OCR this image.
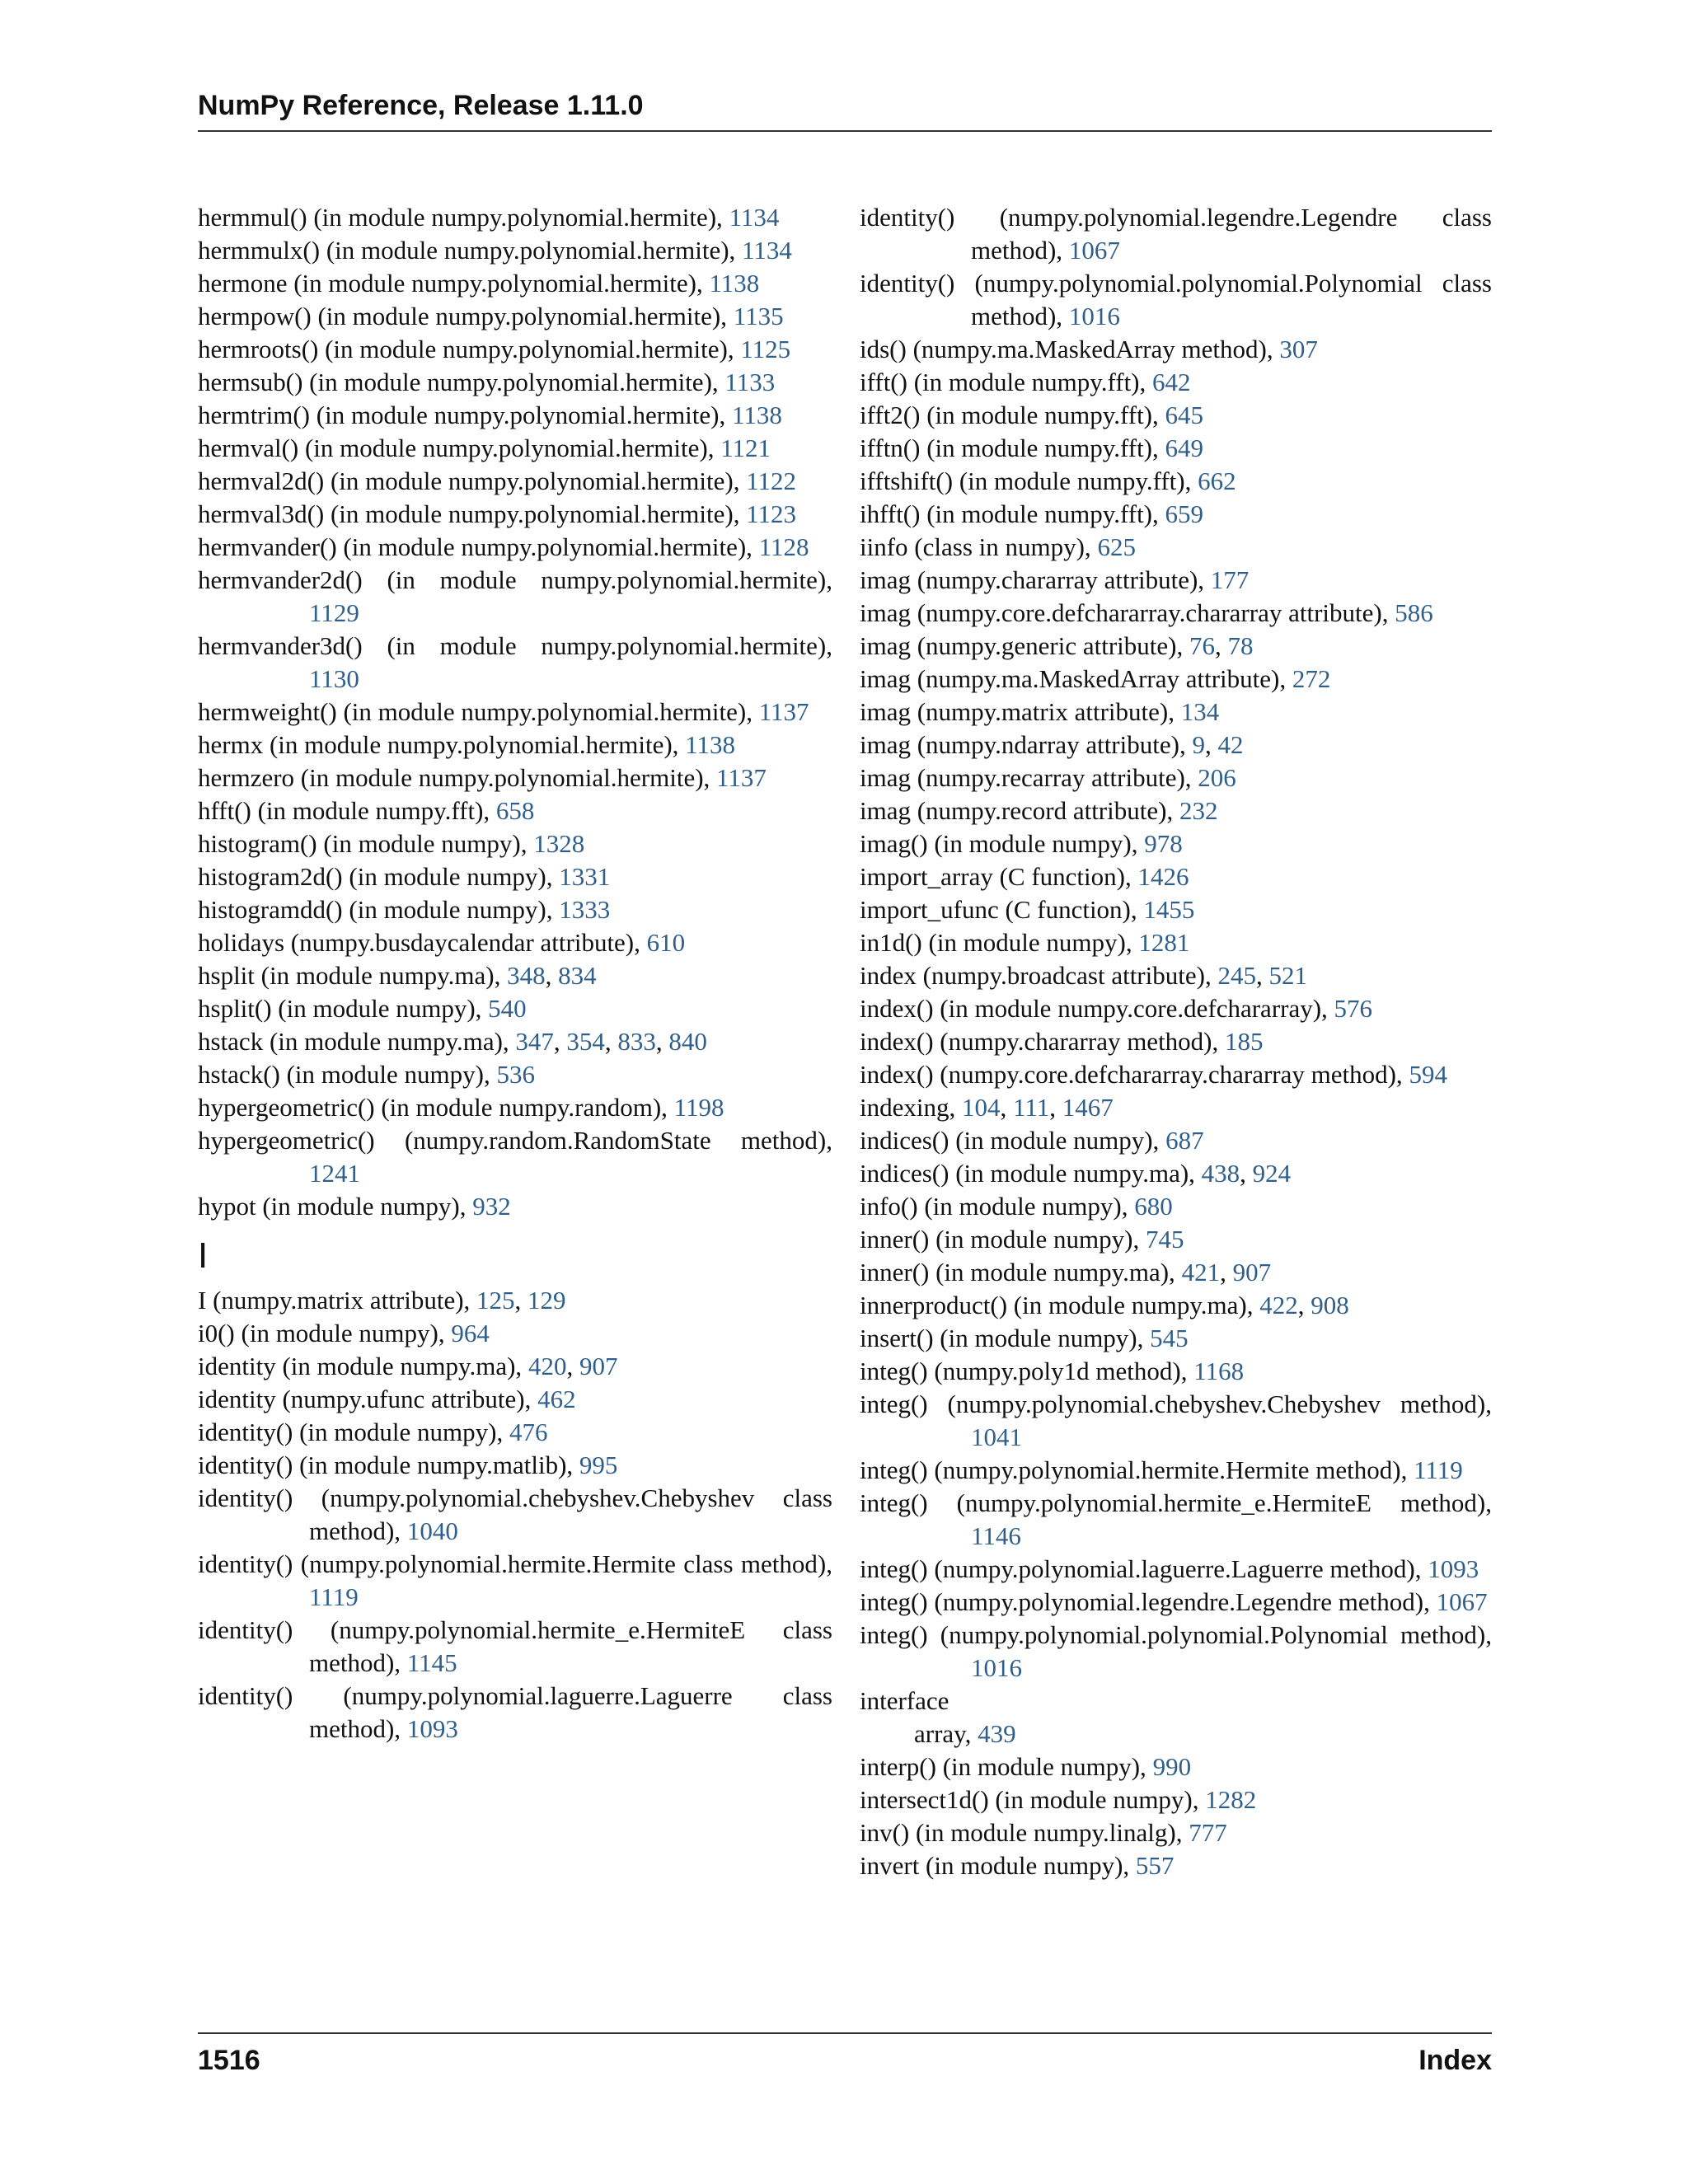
NumPy Reference, Release 1.11.0
hermmul() (in module numpy.polynomial.hermite), 1134
hermmulx() (in module numpy.polynomial.hermite), 1134
hermone (in module numpy.polynomial.hermite), 1138
hermpow() (in module numpy.polynomial.hermite), 1135
hermroots() (in module numpy.polynomial.hermite), 1125
hermsub() (in module numpy.polynomial.hermite), 1133
hermtrim() (in module numpy.polynomial.hermite), 1138
hermval() (in module numpy.polynomial.hermite), 1121
hermval2d() (in module numpy.polynomial.hermite), 1122
hermval3d() (in module numpy.polynomial.hermite), 1123
hermvander() (in module numpy.polynomial.hermite), 1128
hermvander2d() (in module numpy.polynomial.hermite), 1129
hermvander3d() (in module numpy.polynomial.hermite), 1130
hermweight() (in module numpy.polynomial.hermite), 1137
hermx (in module numpy.polynomial.hermite), 1138
hermzero (in module numpy.polynomial.hermite), 1137
hfft() (in module numpy.fft), 658
histogram() (in module numpy), 1328
histogram2d() (in module numpy), 1331
histogramdd() (in module numpy), 1333
holidays (numpy.busdaycalendar attribute), 610
hsplit (in module numpy.ma), 348, 834
hsplit() (in module numpy), 540
hstack (in module numpy.ma), 347, 354, 833, 840
hstack() (in module numpy), 536
hypergeometric() (in module numpy.random), 1198
hypergeometric() (numpy.random.RandomState method), 1241
hypot (in module numpy), 932
I
I (numpy.matrix attribute), 125, 129
i0() (in module numpy), 964
identity (in module numpy.ma), 420, 907
identity (numpy.ufunc attribute), 462
identity() (in module numpy), 476
identity() (in module numpy.matlib), 995
identity() (numpy.polynomial.chebyshev.Chebyshev class method), 1040
identity() (numpy.polynomial.hermite.Hermite class method), 1119
identity() (numpy.polynomial.hermite_e.HermiteE class method), 1145
identity() (numpy.polynomial.laguerre.Laguerre class method), 1093
identity() (numpy.polynomial.legendre.Legendre class method), 1067
identity() (numpy.polynomial.polynomial.Polynomial class method), 1016
ids() (numpy.ma.MaskedArray method), 307
ifft() (in module numpy.fft), 642
ifft2() (in module numpy.fft), 645
ifftn() (in module numpy.fft), 649
ifftshift() (in module numpy.fft), 662
ihfft() (in module numpy.fft), 659
iinfo (class in numpy), 625
imag (numpy.chararray attribute), 177
imag (numpy.core.defchararray.chararray attribute), 586
imag (numpy.generic attribute), 76, 78
imag (numpy.ma.MaskedArray attribute), 272
imag (numpy.matrix attribute), 134
imag (numpy.ndarray attribute), 9, 42
imag (numpy.recarray attribute), 206
imag (numpy.record attribute), 232
imag() (in module numpy), 978
import_array (C function), 1426
import_ufunc (C function), 1455
in1d() (in module numpy), 1281
index (numpy.broadcast attribute), 245, 521
index() (in module numpy.core.defchararray), 576
index() (numpy.chararray method), 185
index() (numpy.core.defchararray.chararray method), 594
indexing, 104, 111, 1467
indices() (in module numpy), 687
indices() (in module numpy.ma), 438, 924
info() (in module numpy), 680
inner() (in module numpy), 745
inner() (in module numpy.ma), 421, 907
innerproduct() (in module numpy.ma), 422, 908
insert() (in module numpy), 545
integ() (numpy.poly1d method), 1168
integ() (numpy.polynomial.chebyshev.Chebyshev method), 1041
integ() (numpy.polynomial.hermite.Hermite method), 1119
integ() (numpy.polynomial.hermite_e.HermiteE method), 1146
integ() (numpy.polynomial.laguerre.Laguerre method), 1093
integ() (numpy.polynomial.legendre.Legendre method), 1067
integ() (numpy.polynomial.polynomial.Polynomial method), 1016
interface
array, 439
interp() (in module numpy), 990
intersect1d() (in module numpy), 1282
inv() (in module numpy.linalg), 777
invert (in module numpy), 557
1516	Index
